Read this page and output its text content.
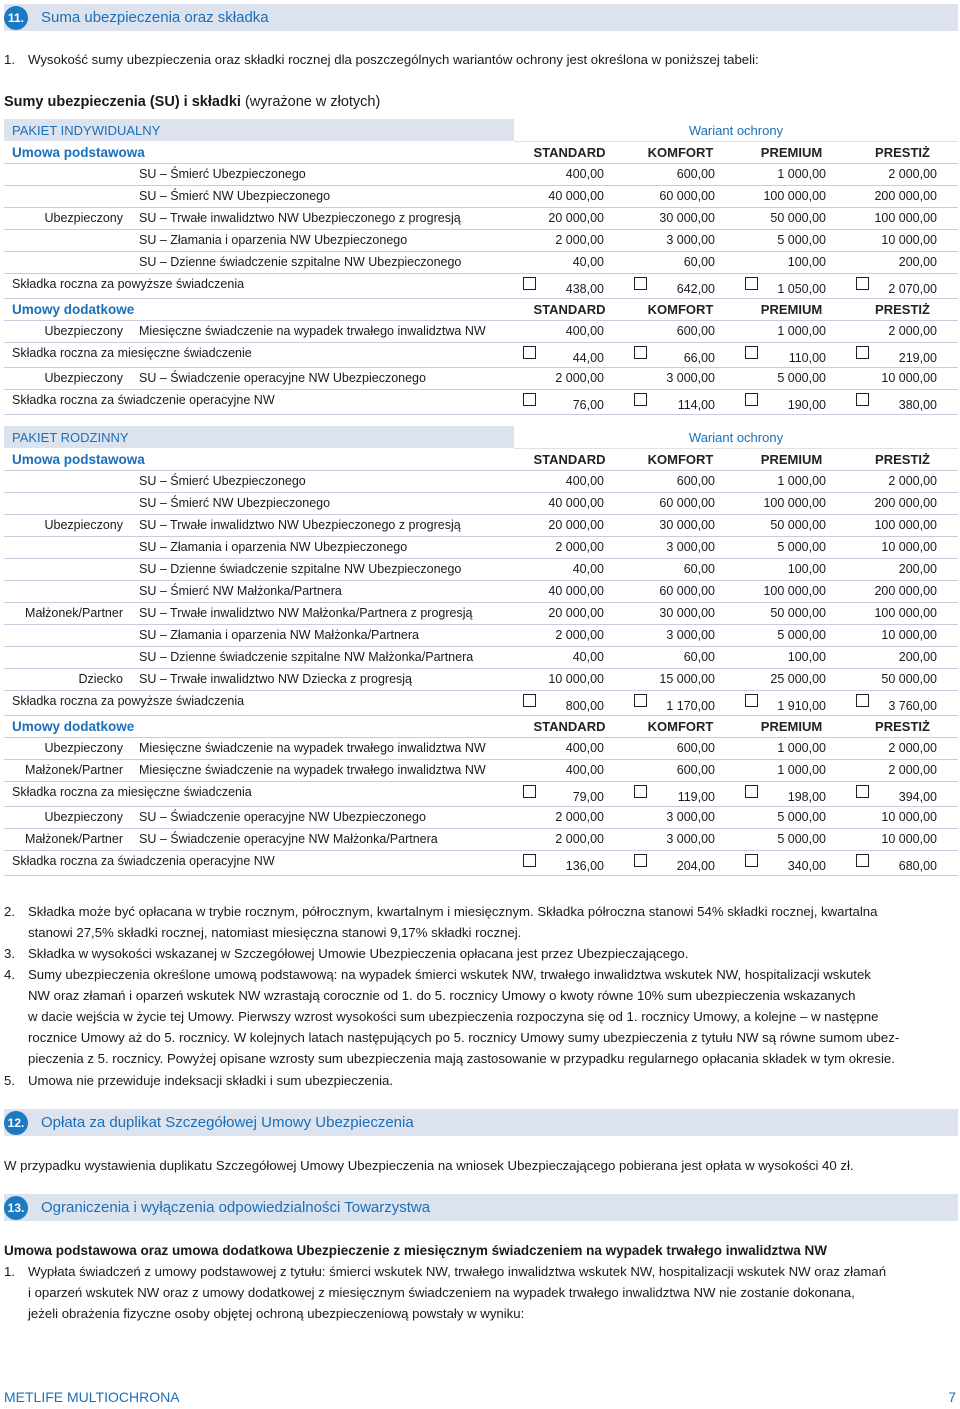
11. Suma ubezpieczenia oraz składka
1. Wysokość sumy ubezpieczenia oraz składki rocznej dla poszczególnych wariantów ochrony jest określona w poniższej tabeli:
Sumy ubezpieczenia (SU) i składki (wyrażone w złotych)
PAKIET INDYWIDUALNY	Wariant ochrony
Umowa podstawowa	STANDARD	KOMFORT	PREMIUM	PRESTIŻ
SU – Śmierć Ubezpieczonego	400,00	600,00	1 000,00	2 000,00
SU – Śmierć NW Ubezpieczonego	40 000,00	60 000,00	100 000,00	200 000,00
Ubezpieczony SU – Trwałe inwalidztwo NW Ubezpieczonego z progresją	20 000,00	30 000,00	50 000,00	100 000,00
SU – Złamania i oparzenia NW Ubezpieczonego	2 000,00	3 000,00	5 000,00	10 000,00
SU – Dzienne świadczenie szpitalne NW Ubezpieczonego	40,00	60,00	100,00	200,00
Składka roczna za powyższe świadczenia	438,00	642,00	1 050,00	2 070,00
Umowy dodatkowe	STANDARD	KOMFORT	PREMIUM	PRESTIŻ
Ubezpieczony Miesięczne świadczenie na wypadek trwałego inwalidztwa NW	400,00	600,00	1 000,00	2 000,00
Składka roczna za miesięczne świadczenie	44,00	66,00	110,00	219,00
Ubezpieczony SU – Świadczenie operacyjne NW Ubezpieczonego	2 000,00	3 000,00	5 000,00	10 000,00
Składka roczna za świadczenie operacyjne NW	76,00	114,00	190,00	380,00
PAKIET RODZINNY	Wariant ochrony
Umowa podstawowa	STANDARD	KOMFORT	PREMIUM	PRESTIŻ
SU – Śmierć Ubezpieczonego	400,00	600,00	1 000,00	2 000,00
SU – Śmierć NW Ubezpieczonego	40 000,00	60 000,00	100 000,00	200 000,00
Ubezpieczony SU – Trwałe inwalidztwo NW Ubezpieczonego z progresją	20 000,00	30 000,00	50 000,00	100 000,00
SU – Złamania i oparzenia NW Ubezpieczonego	2 000,00	3 000,00	5 000,00	10 000,00
SU – Dzienne świadczenie szpitalne NW Ubezpieczonego	40,00	60,00	100,00	200,00
SU – Śmierć NW Małżonka/Partnera	40 000,00	60 000,00	100 000,00	200 000,00
Małżonek/Partner SU – Trwałe inwalidztwo NW Małżonka/Partnera z progresją	20 000,00	30 000,00	50 000,00	100 000,00
SU – Złamania i oparzenia NW Małżonka/Partnera	2 000,00	3 000,00	5 000,00	10 000,00
SU – Dzienne świadczenie szpitalne NW Małżonka/Partnera	40,00	60,00	100,00	200,00
Dziecko SU – Trwałe inwalidztwo NW Dziecka z progresją	10 000,00	15 000,00	25 000,00	50 000,00
Składka roczna za powyższe świadczenia	800,00	1 170,00	1 910,00	3 760,00
Umowy dodatkowe	STANDARD	KOMFORT	PREMIUM	PRESTIŻ
Ubezpieczony Miesięczne świadczenie na wypadek trwałego inwalidztwa NW	400,00	600,00	1 000,00	2 000,00
Małżonek/Partner Miesięczne świadczenie na wypadek trwałego inwalidztwa NW	400,00	600,00	1 000,00	2 000,00
Składka roczna za miesięczne świadczenia	79,00	119,00	198,00	394,00
Ubezpieczony SU – Świadczenie operacyjne NW Ubezpieczonego	2 000,00	3 000,00	5 000,00	10 000,00
Małżonek/Partner SU – Świadczenie operacyjne NW Małżonka/Partnera	2 000,00	3 000,00	5 000,00	10 000,00
Składka roczna za świadczenia operacyjne NW	136,00	204,00	340,00	680,00
2. Składka może być opłacana w trybie rocznym, półrocznym, kwartalnym i miesięcznym. Składka półroczna stanowi 54% składki rocznej, kwartalna
stanowi 27,5% składki rocznej, natomiast miesięczna stanowi 9,17% składki rocznej.
3. Składka w wysokości wskazanej w Szczegółowej Umowie Ubezpieczenia opłacana jest przez Ubezpieczającego.
4. Sumy ubezpieczenia określone umową podstawową: na wypadek śmierci wskutek NW, trwałego inwalidztwa wskutek NW, hospitalizacji wskutek
NW oraz złamań i oparzeń wskutek NW wzrastają corocznie od 1. do 5. rocznicy Umowy o kwoty równe 10% sum ubezpieczenia wskazanych
w dacie wejścia w życie tej Umowy. Pierwszy wzrost wysokości sum ubezpieczenia rozpoczyna się od 1. rocznicy Umowy, a kolejne – w następne
rocznice Umowy aż do 5. rocznicy. W kolejnych latach następujących po 5. rocznicy Umowy sumy ubezpieczenia z tytułu NW są równe sumom ubez-
pieczenia z 5. rocznicy. Powyżej opisane wzrosty sum ubezpieczenia mają zastosowanie w przypadku regularnego opłacania składek w tym okresie.
5. Umowa nie przewiduje indeksacji składki i sum ubezpieczenia.
12. Opłata za duplikat Szczegółowej Umowy Ubezpieczenia
W przypadku wystawienia duplikatu Szczegółowej Umowy Ubezpieczenia na wniosek Ubezpieczającego pobierana jest opłata w wysokości 40 zł.
13. Ograniczenia i wyłączenia odpowiedzialności Towarzystwa
Umowa podstawowa oraz umowa dodatkowa Ubezpieczenie z miesięcznym świadczeniem na wypadek trwałego inwalidztwa NW
1. Wypłata świadczeń z umowy podstawowej z tytułu: śmierci wskutek NW, trwałego inwalidztwa wskutek NW, hospitalizacji wskutek NW oraz złamań
i oparzeń wskutek NW oraz z umowy dodatkowej z miesięcznym świadczeniem na wypadek trwałego inwalidztwa NW nie zostanie dokonana,
jeżeli obrażenia fizyczne osoby objętej ochroną ubezpieczeniową powstały w wyniku:
METLIFE MULTIOCHRONA	7
